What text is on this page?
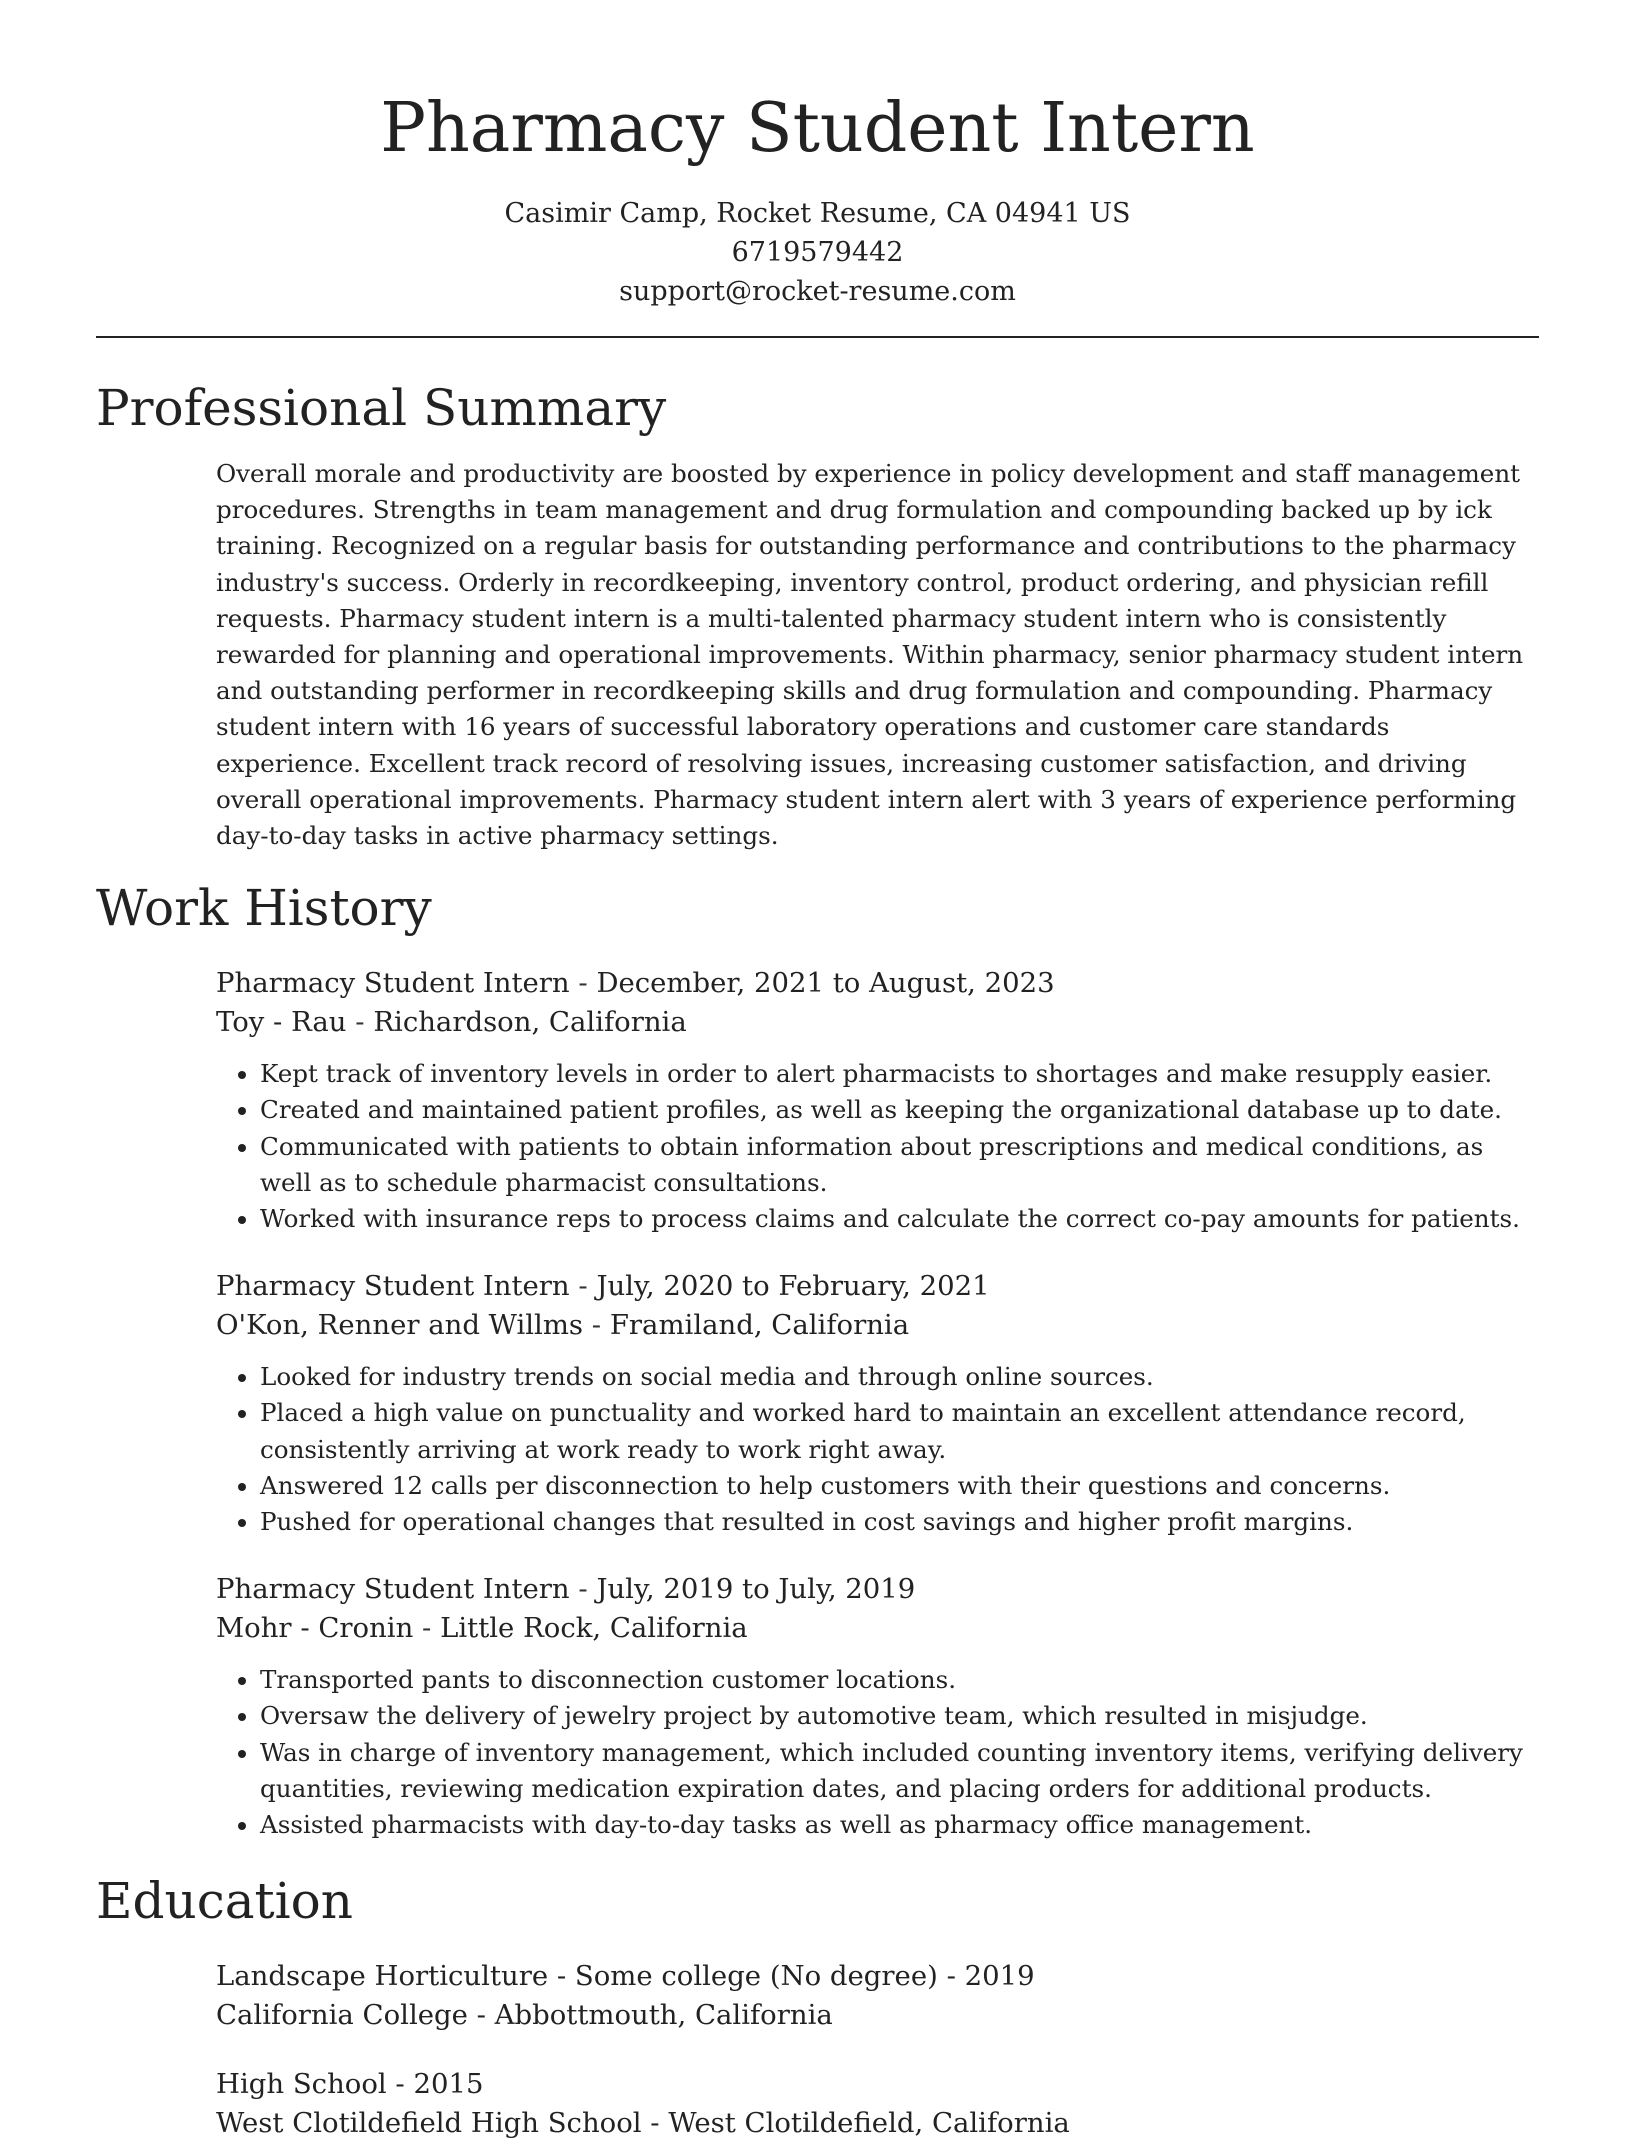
Pharmacy Student Intern
Casimir Camp, Rocket Resume, CA 04941 US
6719579442
support@rocket-resume.com
Professional Summary

Overall morale and productivity are boosted by experience in policy development and staff management procedures. Strengths in team management and drug formulation and compounding backed up by ick training. Recognized on a regular basis for outstanding performance and contributions to the pharmacy industry's success. Orderly in recordkeeping, inventory control, product ordering, and physician refill requests. Pharmacy student intern is a multi-talented pharmacy student intern who is consistently rewarded for planning and operational improvements. Within pharmacy, senior pharmacy student intern and outstanding performer in recordkeeping skills and drug formulation and compounding. Pharmacy student intern with 16 years of successful laboratory operations and customer care standards experience. Excellent track record of resolving issues, increasing customer satisfaction, and driving overall operational improvements. Pharmacy student intern alert with 3 years of experience performing day-to-day tasks in active pharmacy settings.

Work History
Pharmacy Student Intern - December, 2021 to August, 2023
Toy - Rau - Richardson, California
• Kept track of inventory levels in order to alert pharmacists to shortages and make resupply easier.
• Created and maintained patient profiles, as well as keeping the organizational database up to date.
• Communicated with patients to obtain information about prescriptions and medical conditions, as well as to schedule pharmacist consultations.
• Worked with insurance reps to process claims and calculate the correct co-pay amounts for patients.
Pharmacy Student Intern - July, 2020 to February, 2021
O'Kon, Renner and Willms - Framiland, California
• Looked for industry trends on social media and through online sources.
• Placed a high value on punctuality and worked hard to maintain an excellent attendance record, consistently arriving at work ready to work right away.
• Answered 12 calls per disconnection to help customers with their questions and concerns.
• Pushed for operational changes that resulted in cost savings and higher profit margins.
Pharmacy Student Intern - July, 2019 to July, 2019
Mohr - Cronin - Little Rock, California
• Transported pants to disconnection customer locations.
• Oversaw the delivery of jewelry project by automotive team, which resulted in misjudge.
• Was in charge of inventory management, which included counting inventory items, verifying delivery quantities, reviewing medication expiration dates, and placing orders for additional products.
• Assisted pharmacists with day-to-day tasks as well as pharmacy office management.
Education
Landscape Horticulture - Some college (No degree) - 2019
California College - Abbottmouth, California
High School - 2015
West Clotildefield High School - West Clotildefield, California
